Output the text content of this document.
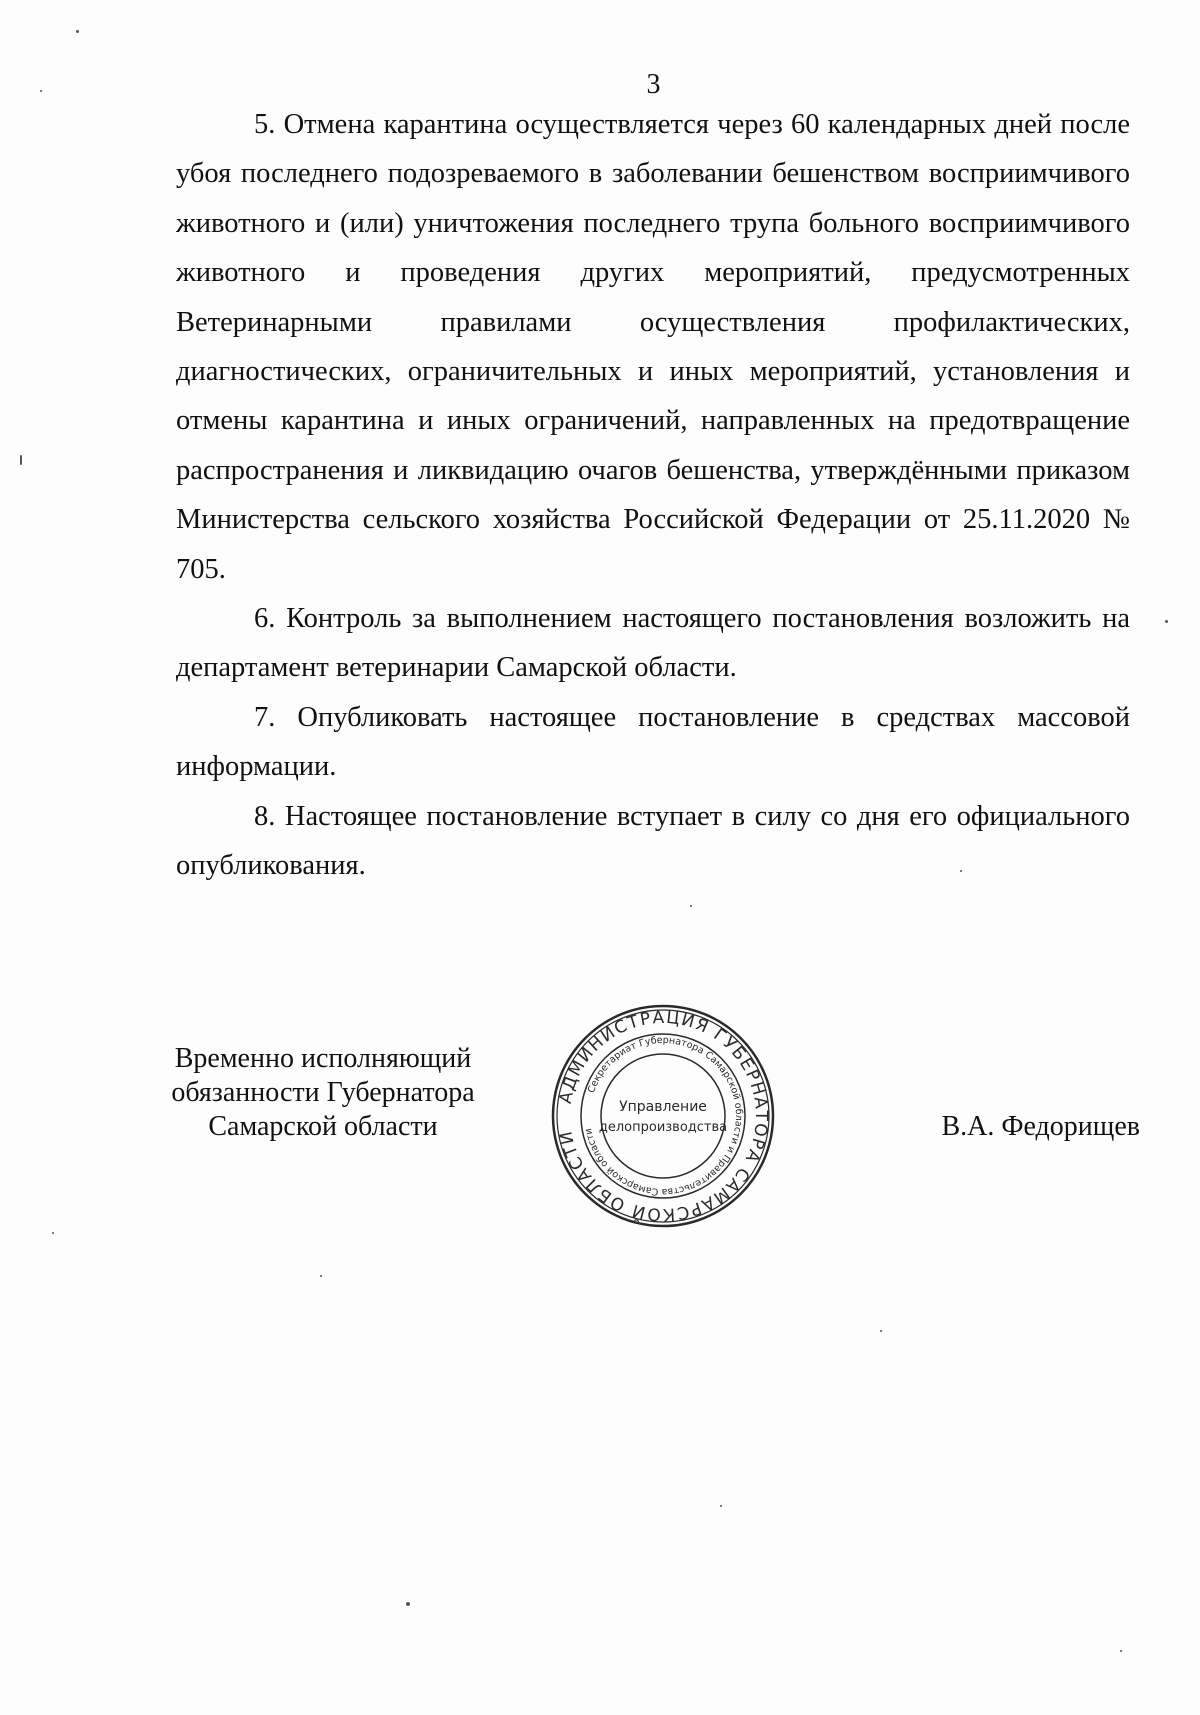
3

5. Отмена карантина осуществляется через 60 календарных дней после убоя последнего подозреваемого в заболевании бешенством восприимчивого животного и (или) уничтожения последнего трупа больного восприимчивого животного и проведения других мероприятий, предусмотренных Ветеринарными правилами осуществления профилактических, диагностических, ограничительных и иных мероприятий, установления и отмены карантина и иных ограничений, направленных на предотвращение распространения и ликвидацию очагов бешенства, утверждёнными приказом Министерства сельского хозяйства Российской Федерации от 25.11.2020 № 705.

6. Контроль за выполнением настоящего постановления возложить на департамент ветеринарии Самарской области.

7. Опубликовать настоящее постановление в средствах массовой информации.

8. Настоящее постановление вступает в силу со дня его официального опубликования.

Временно исполняющий
обязанности Губернатора
Самарской области
АДМИНИСТРАЦИЯ ГУБЕРНАТОРА САМАРСКОЙ ОБЛАСТИ
Секретариат Губернатора Самарской области и Правительства Самарской области
Управление
делопроизводства	В.А. Федорищев
